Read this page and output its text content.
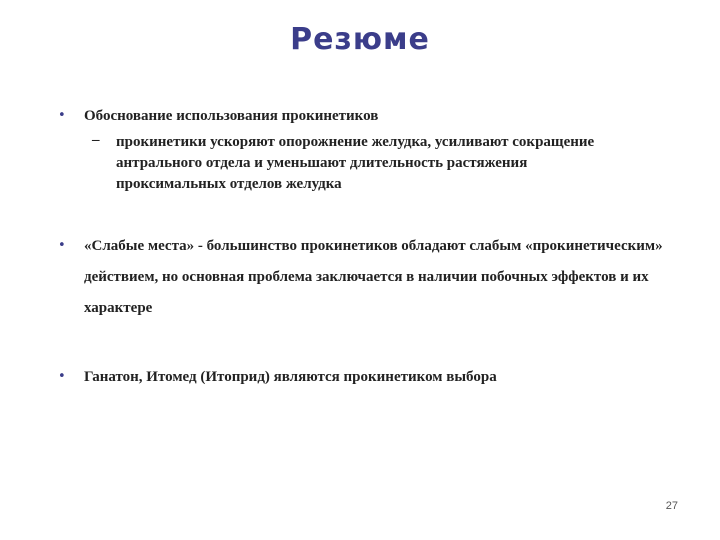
Резюме
• Обоснование использования прокинетиков
– прокинетики ускоряют опорожнение желудка, усиливают сокращение антрального отдела и уменьшают длительность растяжения проксимальных отделов желудка
• «Слабые места» - большинство прокинетиков обладают слабым «прокинетическим» действием, но основная проблема заключается в наличии побочных эффектов и их характере
• Ганатон, Итомед (Итоприд) являются прокинетиком выбора
27
